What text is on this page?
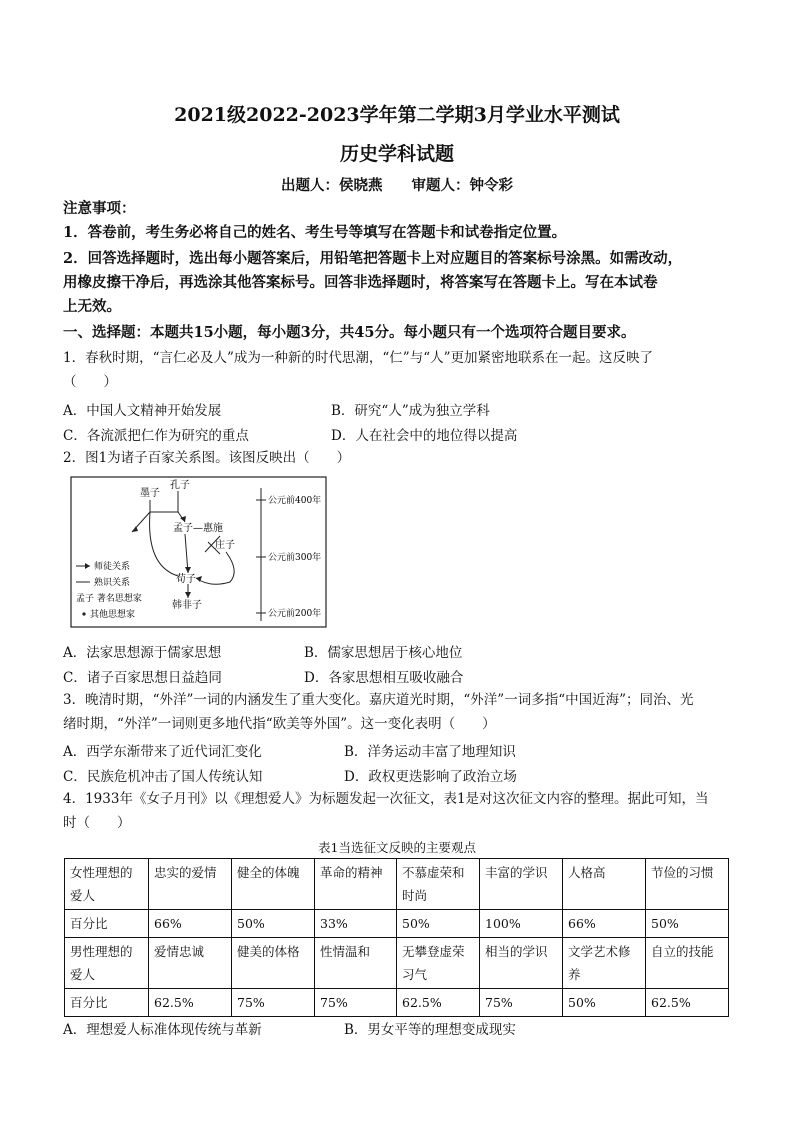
2021级2022-2023学年第二学期3月学业水平测试
历史学科试题
出题人：侯晓燕　　审题人：钟令彩
注意事项：
1．答卷前，考生务必将自己的姓名、考生号等填写在答题卡和试卷指定位置。
2．回答选择题时，选出每小题答案后，用铅笔把答题卡上对应题目的答案标号涂黑。如需改动，
用橡皮擦干净后，再选涂其他答案标号。回答非选择题时，将答案写在答题卡上。写在本试卷
上无效。
一、选择题：本题共15小题，每小题3分，共45分。每小题只有一个选项符合题目要求。
1．春秋时期，“言仁必及人”成为一种新的时代思潮，“仁”与“人”更加紧密地联系在一起。这反映了
（　　）
A．中国人文精神开始发展	B．研究“人”成为独立学科
C．各流派把仁作为研究的重点	D．人在社会中的地位得以提高
2．图1为诸子百家关系图。该图反映出（　　）
公元前400年
公元前300年
公元前200年
墨子
孔子
孟子—惠施
庄子
荀子
韩非子
师徒关系
熟识关系
孟子 著名思想家
其他思想家
A．法家思想源于儒家思想	B．儒家思想居于核心地位
C．诸子百家思想日益趋同	D．各家思想相互吸收融合
3．晚清时期，“外洋”一词的内涵发生了重大变化。嘉庆道光时期，“外洋”一词多指“中国近海”；同治、光
绪时期，“外洋”一词则更多地代指“欧美等外国”。这一变化表明（　　）
A．西学东渐带来了近代词汇变化	B．洋务运动丰富了地理知识
C．民族危机冲击了国人传统认知	D．政权更迭影响了政治立场
4．1933年《女子月刊》以《理想爱人》为标题发起一次征文，表1是对这次征文内容的整理。据此可知，当
时（　　）
表1当选征文反映的主要观点
女性理想的爱人	忠实的爱情	健全的体魄	革命的精神	不慕虚荣和时尚	丰富的学识	人格高	节俭的习惯
百分比	66%	50%	33%	50%	100%	66%	50%
男性理想的爱人	爱情忠诚	健美的体格	性情温和	无攀登虚荣习气	相当的学识	文学艺术修养	自立的技能
百分比	62.5%	75%	75%	62.5%	75%	50%	62.5%
A．理想爱人标准体现传统与革新	B．男女平等的理想变成现实
